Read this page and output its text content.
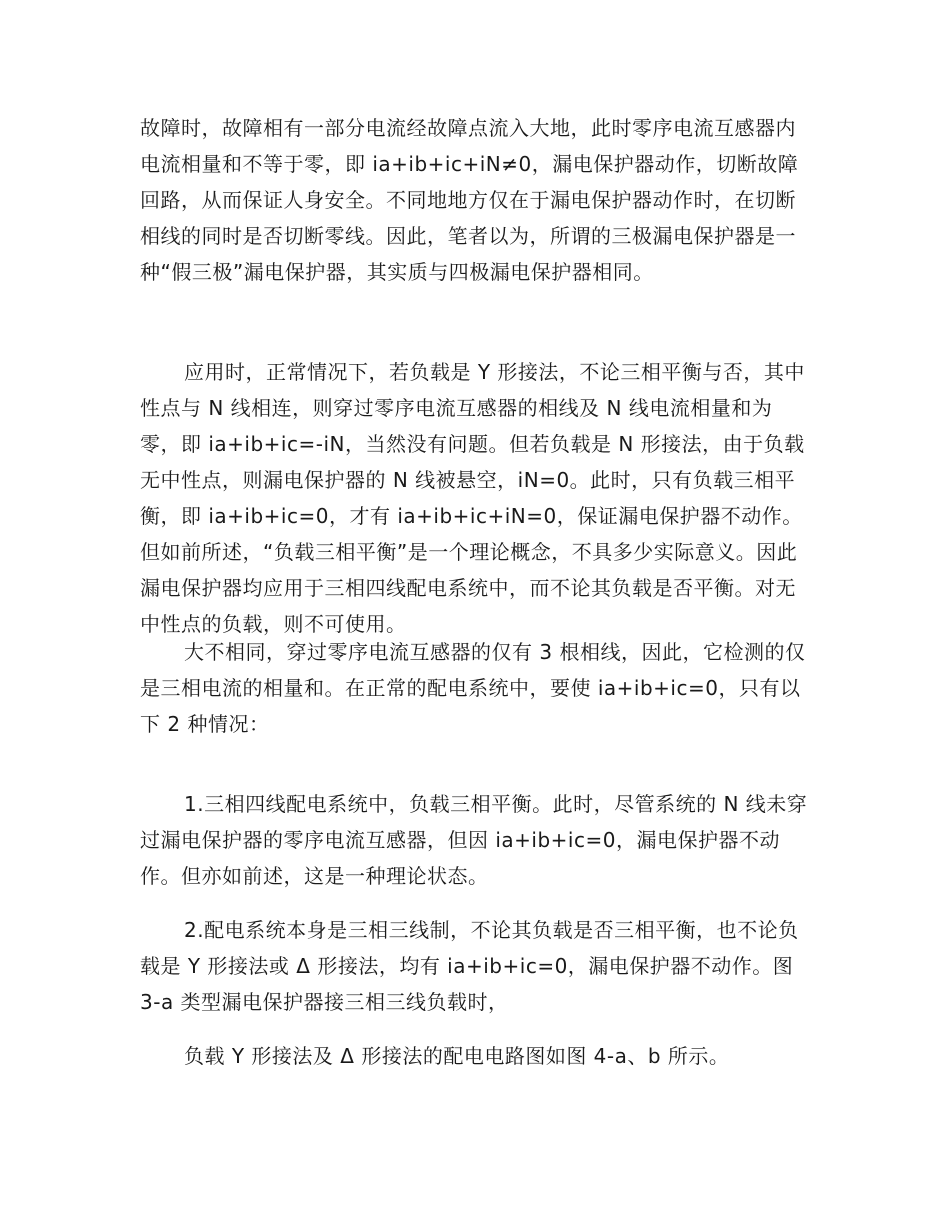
故障时，故障相有一部分电流经故障点流入大地，此时零序电流互感器内电流相量和不等于零，即 ia+ib+ic+iN≠0，漏电保护器动作，切断故障回路，从而保证人身安全。不同地地方仅在于漏电保护器动作时，在切断相线的同时是否切断零线。因此，笔者以为，所谓的三极漏电保护器是一种“假三极”漏电保护器，其实质与四极漏电保护器相同。

应用时，正常情况下，若负载是 Y 形接法，不论三相平衡与否，其中性点与 N 线相连，则穿过零序电流互感器的相线及 N 线电流相量和为零，即 ia+ib+ic=-iN，当然没有问题。但若负载是 N 形接法，由于负载无中性点，则漏电保护器的 N 线被悬空，iN=0。此时，只有负载三相平衡，即 ia+ib+ic=0，才有 ia+ib+ic+iN=0，保证漏电保护器不动作。但如前所述，“负载三相平衡”是一个理论概念，不具多少实际意义。因此漏电保护器均应用于三相四线配电系统中，而不论其负载是否平衡。对无中性点的负载，则不可使用。

大不相同，穿过零序电流互感器的仅有 3 根相线，因此，它检测的仅是三相电流的相量和。在正常的配电系统中，要使 ia+ib+ic=0，只有以下 2 种情况：

1.三相四线配电系统中，负载三相平衡。此时，尽管系统的 N 线未穿过漏电保护器的零序电流互感器，但因 ia+ib+ic=0，漏电保护器不动作。但亦如前述，这是一种理论状态。

2.配电系统本身是三相三线制，不论其负载是否三相平衡，也不论负载是 Y 形接法或 Δ 形接法，均有 ia+ib+ic=0，漏电保护器不动作。图 3-a 类型漏电保护器接三相三线负载时，

负载 Y 形接法及 Δ 形接法的配电电路图如图 4-a、b 所示。
